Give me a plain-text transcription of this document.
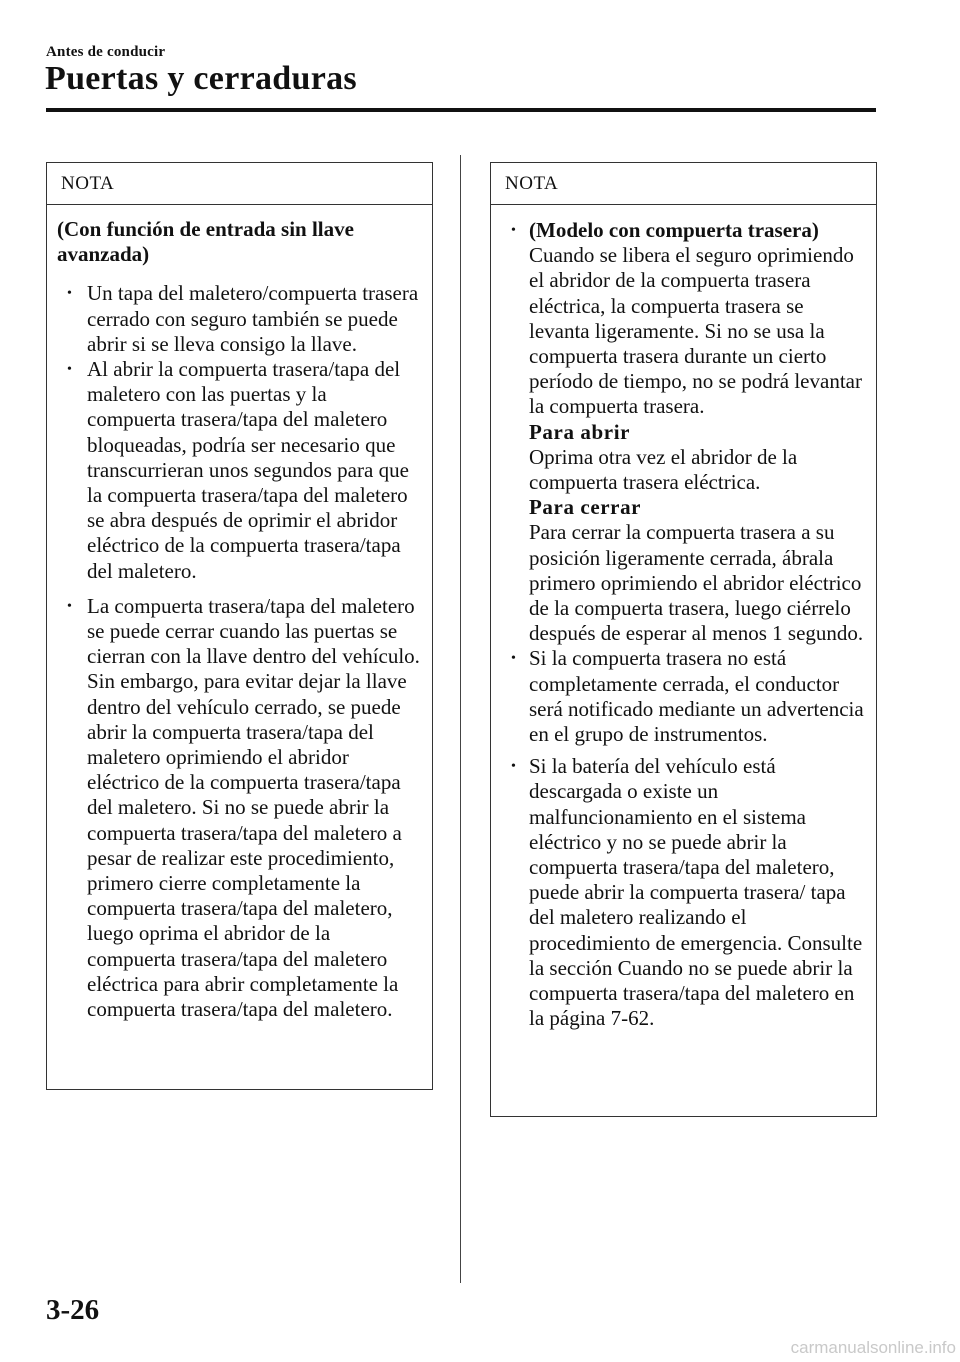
Antes de conducir
Puertas y cerraduras
NOTA
(Con función de entrada sin llave avanzada)
• Un tapa del maletero/compuerta trasera cerrado con seguro también se puede abrir si se lleva consigo la llave.
• Al abrir la compuerta trasera/tapa del maletero con las puertas y la compuerta trasera/tapa del maletero bloqueadas, podría ser necesario que transcurrieran unos segundos para que la compuerta trasera/tapa del maletero se abra después de oprimir el abridor eléctrico de la compuerta trasera/tapa del maletero.
• La compuerta trasera/tapa del maletero se puede cerrar cuando las puertas se cierran con la llave dentro del vehículo. Sin embargo, para evitar dejar la llave dentro del vehículo cerrado, se puede abrir la compuerta trasera/tapa del maletero oprimiendo el abridor eléctrico de la compuerta trasera/tapa del maletero. Si no se puede abrir la compuerta trasera/tapa del maletero a pesar de realizar este procedimiento, primero cierre completamente la compuerta trasera/tapa del maletero, luego oprima el abridor de la compuerta trasera/tapa del maletero eléctrica para abrir completamente la compuerta trasera/tapa del maletero.
NOTA
• (Modelo con compuerta trasera)
Cuando se libera el seguro oprimiendo el abridor de la compuerta trasera eléctrica, la compuerta trasera se levanta ligeramente. Si no se usa la compuerta trasera durante un cierto período de tiempo, no se podrá levantar la compuerta trasera.
Para abrir
Oprima otra vez el abridor de la compuerta trasera eléctrica.
Para cerrar
Para cerrar la compuerta trasera a su posición ligeramente cerrada, ábrala primero oprimiendo el abridor eléctrico de la compuerta trasera, luego ciérrelo después de esperar al menos 1 segundo.
• Si la compuerta trasera no está completamente cerrada, el conductor será notificado mediante un advertencia en el grupo de instrumentos.
• Si la batería del vehículo está descargada o existe un malfuncionamiento en el sistema eléctrico y no se puede abrir la compuerta trasera/tapa del maletero, puede abrir la compuerta trasera/ tapa del maletero realizando el procedimiento de emergencia. Consulte la sección Cuando no se puede abrir la compuerta trasera/tapa del maletero en la página 7-62.
3-26
carmanualsonline.info
